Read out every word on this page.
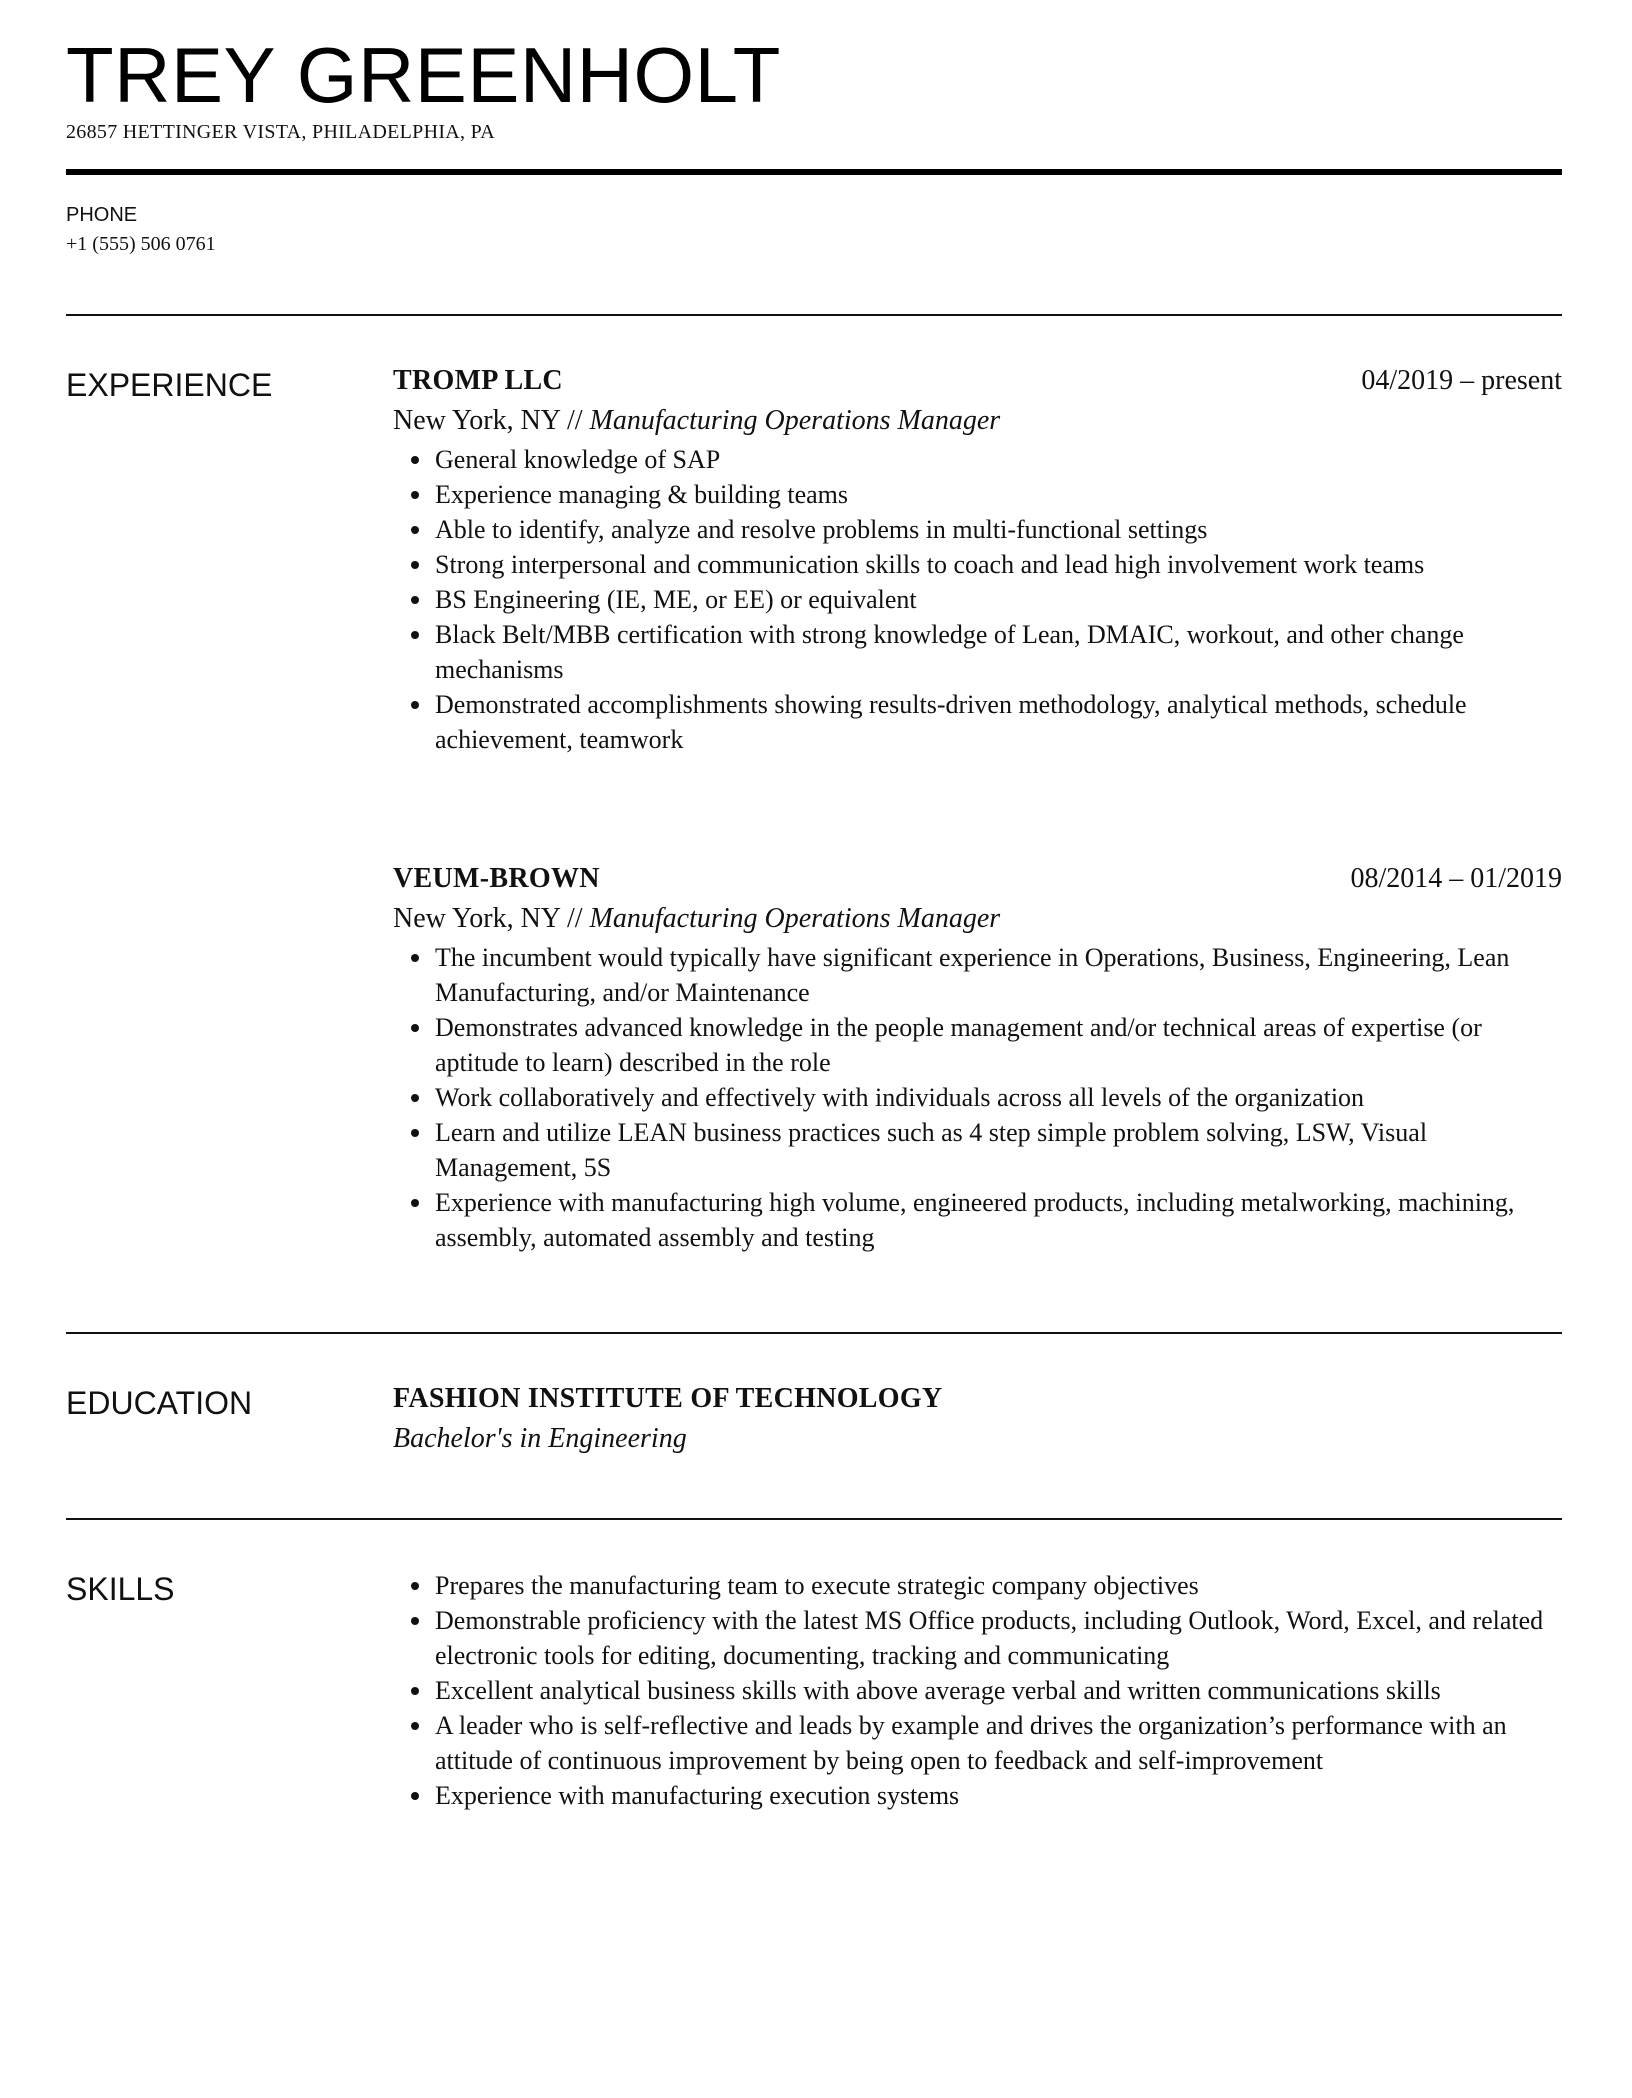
TREY GREENHOLT
26857 HETTINGER VISTA, PHILADELPHIA, PA
PHONE
+1 (555) 506 0761
EXPERIENCE	TROMP LLC	04/2019 – present
New York, NY // Manufacturing Operations Manager
General knowledge of SAP
Experience managing & building teams
Able to identify, analyze and resolve problems in multi-functional settings
Strong interpersonal and communication skills to coach and lead high involvement work teams
BS Engineering (IE, ME, or EE) or equivalent
Black Belt/MBB certification with strong knowledge of Lean, DMAIC, workout, and other change mechanisms
Demonstrated accomplishments showing results-driven methodology, analytical methods, schedule achievement, teamwork
VEUM-BROWN	08/2014 – 01/2019
New York, NY // Manufacturing Operations Manager
The incumbent would typically have significant experience in Operations, Business, Engineering, Lean Manufacturing, and/or Maintenance
Demonstrates advanced knowledge in the people management and/or technical areas of expertise (or aptitude to learn) described in the role
Work collaboratively and effectively with individuals across all levels of the organization
Learn and utilize LEAN business practices such as 4 step simple problem solving, LSW, Visual Management, 5S
Experience with manufacturing high volume, engineered products, including metalworking, machining, assembly, automated assembly and testing
EDUCATION	FASHION INSTITUTE OF TECHNOLOGY
Bachelor's in Engineering
SKILLS	Prepares the manufacturing team to execute strategic company objectives
Demonstrable proficiency with the latest MS Office products, including Outlook, Word, Excel, and related electronic tools for editing, documenting, tracking and communicating
Excellent analytical business skills with above average verbal and written communications skills
A leader who is self-reflective and leads by example and drives the organization’s performance with an attitude of continuous improvement by being open to feedback and self-improvement
Experience with manufacturing execution systems
